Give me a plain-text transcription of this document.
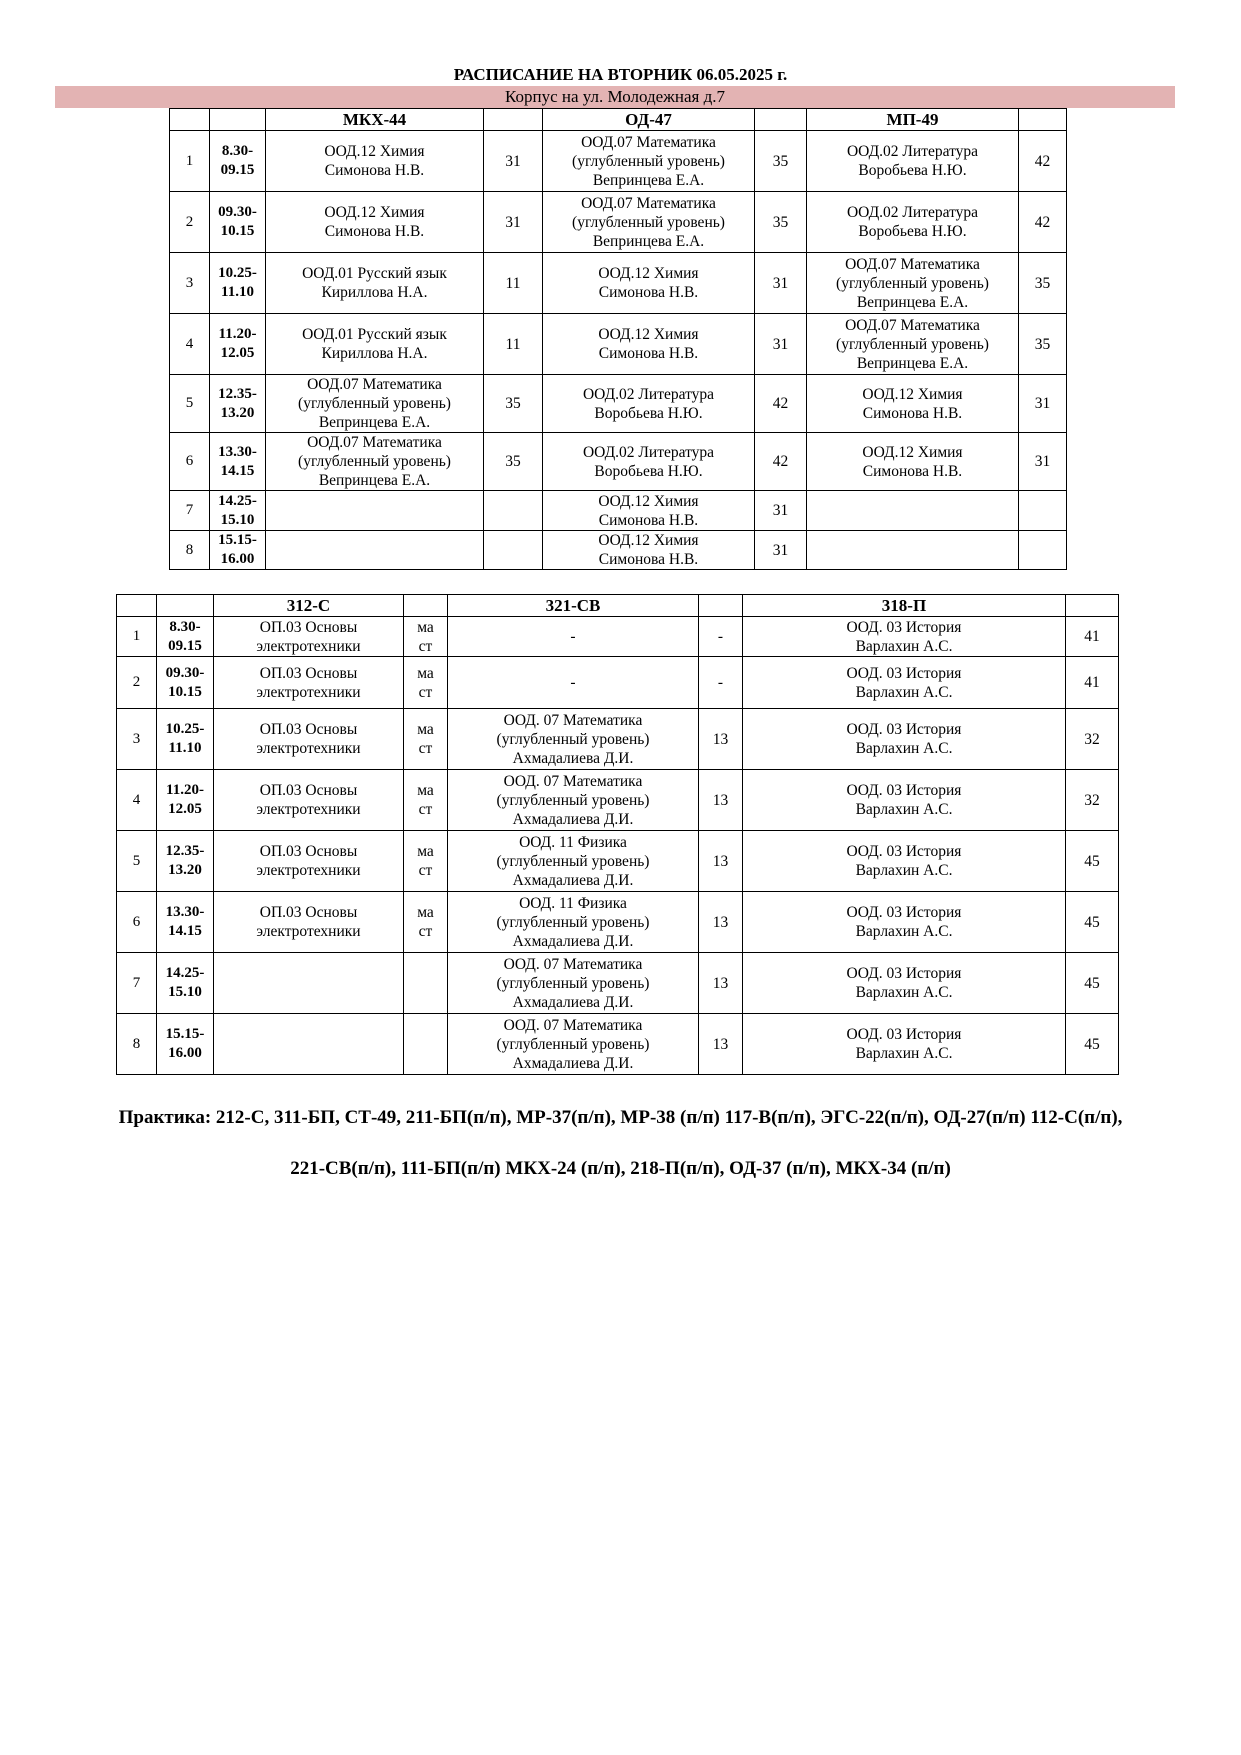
РАСПИСАНИЕ НА ВТОРНИК 06.05.2025 г.
Корпус на ул. Молодежная д.7
		МКХ-44		ОД-47		МП-49	
1	8.30-
09.15	ООД.12 Химия
Симонова Н.В.	31	ООД.07 Математика
(углубленный уровень)
Вепринцева Е.А.	35	ООД.02 Литература
Воробьева Н.Ю.	42
2	09.30-
10.15	ООД.12 Химия
Симонова Н.В.	31	ООД.07 Математика
(углубленный уровень)
Вепринцева Е.А.	35	ООД.02 Литература
Воробьева Н.Ю.	42
3	10.25-
11.10	ООД.01 Русский язык
Кириллова Н.А.	11	ООД.12 Химия
Симонова Н.В.	31	ООД.07 Математика
(углубленный уровень)
Вепринцева Е.А.	35
4	11.20-
12.05	ООД.01 Русский язык
Кириллова Н.А.	11	ООД.12 Химия
Симонова Н.В.	31	ООД.07 Математика
(углубленный уровень)
Вепринцева Е.А.	35
5	12.35-
13.20	ООД.07 Математика
(углубленный уровень)
Вепринцева Е.А.	35	ООД.02 Литература
Воробьева Н.Ю.	42	ООД.12 Химия
Симонова Н.В.	31
6	13.30-
14.15	ООД.07 Математика
(углубленный уровень)
Вепринцева Е.А.	35	ООД.02 Литература
Воробьева Н.Ю.	42	ООД.12 Химия
Симонова Н.В.	31
7	14.25-
15.10			ООД.12 Химия
Симонова Н.В.	31		
8	15.15-
16.00			ООД.12 Химия
Симонова Н.В.	31		
		312-С		321-СВ		318-П	
1	8.30-
09.15	ОП.03 Основы
электротехники	ма
ст	-	-	ООД. 03 История
Варлахин А.С.	41
2	09.30-
10.15	ОП.03 Основы
электротехники	ма
ст	-	-	ООД. 03 История
Варлахин А.С.	41
3	10.25-
11.10	ОП.03 Основы
электротехники	ма
ст	ООД. 07 Математика
(углубленный уровень)
Ахмадалиева Д.И.	13	ООД. 03 История
Варлахин А.С.	32
4	11.20-
12.05	ОП.03 Основы
электротехники	ма
ст	ООД. 07 Математика
(углубленный уровень)
Ахмадалиева Д.И.	13	ООД. 03 История
Варлахин А.С.	32
5	12.35-
13.20	ОП.03 Основы
электротехники	ма
ст	ООД. 11 Физика
(углубленный уровень)
Ахмадалиева Д.И.	13	ООД. 03 История
Варлахин А.С.	45
6	13.30-
14.15	ОП.03 Основы
электротехники	ма
ст	ООД. 11 Физика
(углубленный уровень)
Ахмадалиева Д.И.	13	ООД. 03 История
Варлахин А.С.	45
7	14.25-
15.10			ООД. 07 Математика
(углубленный уровень)
Ахмадалиева Д.И.	13	ООД. 03 История
Варлахин А.С.	45
8	15.15-
16.00			ООД. 07 Математика
(углубленный уровень)
Ахмадалиева Д.И.	13	ООД. 03 История
Варлахин А.С.	45
Практика: 212-С, 311-БП, СТ-49, 211-БП(п/п), МР-37(п/п), МР-38 (п/п) 117-В(п/п), ЭГС-22(п/п), ОД-27(п/п) 112-С(п/п),
221-СВ(п/п), 111-БП(п/п) МКХ-24 (п/п), 218-П(п/п), ОД-37 (п/п), МКХ-34 (п/п)
